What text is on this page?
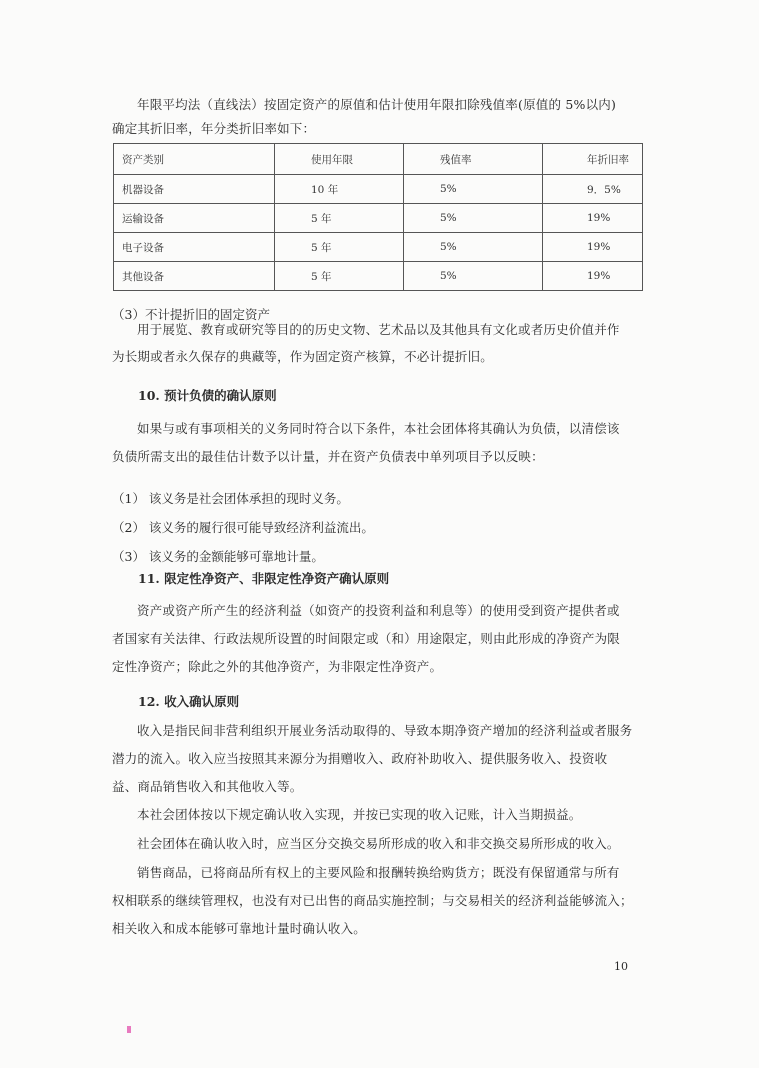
年限平均法（直线法）按固定资产的原值和估计使用年限扣除残值率(原值的 5%以内)

确定其折旧率，年分类折旧率如下：

资产类别	使用年限	残值率	年折旧率
机器设备	10 年	5%	9．5%
运输设备	5 年	5%	19%
电子设备	5 年	5%	19%
其他设备	5 年	5%	19%

（3）不计提折旧的固定资产

用于展览、教育或研究等目的的历史文物、艺术品以及其他具有文化或者历史价值并作

为长期或者永久保存的典藏等，作为固定资产核算，不必计提折旧。

10. 预计负债的确认原则

如果与或有事项相关的义务同时符合以下条件，本社会团体将其确认为负债，以清偿该

负债所需支出的最佳估计数予以计量，并在资产负债表中单列项目予以反映：

（1） 该义务是社会团体承担的现时义务。

（2） 该义务的履行很可能导致经济利益流出。

（3） 该义务的金额能够可靠地计量。

11. 限定性净资产、非限定性净资产确认原则

资产或资产所产生的经济利益（如资产的投资利益和利息等）的使用受到资产提供者或

者国家有关法律、行政法规所设置的时间限定或（和）用途限定，则由此形成的净资产为限

定性净资产；除此之外的其他净资产，为非限定性净资产。

12. 收入确认原则

收入是指民间非营利组织开展业务活动取得的、导致本期净资产增加的经济利益或者服务

潜力的流入。收入应当按照其来源分为捐赠收入、政府补助收入、提供服务收入、投资收

益、商品销售收入和其他收入等。

本社会团体按以下规定确认收入实现，并按已实现的收入记账，计入当期损益。

社会团体在确认收入时，应当区分交换交易所形成的收入和非交换交易所形成的收入。

销售商品，已将商品所有权上的主要风险和报酬转换给购货方；既没有保留通常与所有

权相联系的继续管理权，也没有对已出售的商品实施控制；与交易相关的经济利益能够流入；

相关收入和成本能够可靠地计量时确认收入。

10
